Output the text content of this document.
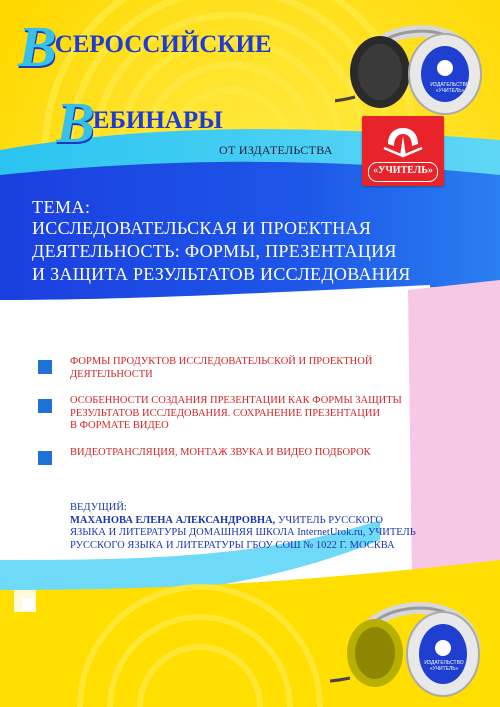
ВСЕРОССИЙСКИЕ
ВЕБИНАРЫ
ИЗДАТЕЛЬСТВО «УЧИТЕЛЬ»
ОТ ИЗДАТЕЛЬСТВА
«УЧИТЕЛЬ»
ТЕМА:
ИССЛЕДОВАТЕЛЬСКАЯ И ПРОЕКТНАЯ
ДЕЯТЕЛЬНОСТЬ: ФОРМЫ, ПРЕЗЕНТАЦИЯ
И ЗАЩИТА РЕЗУЛЬТАТОВ ИССЛЕДОВАНИЯ
ФОРМЫ ПРОДУКТОВ ИССЛЕДОВАТЕЛЬСКОЙ И ПРОЕКТНОЙ
ДЕЯТЕЛЬНОСТИ
ОСОБЕННОСТИ СОЗДАНИЯ ПРЕЗЕНТАЦИИ КАК ФОРМЫ ЗАЩИТЫ
РЕЗУЛЬТАТОВ ИССЛЕДОВАНИЯ. СОХРАНЕНИЕ ПРЕЗЕНТАЦИИ
В ФОРМАТЕ ВИДЕО
ВИДЕОТРАНСЛЯЦИЯ, МОНТАЖ ЗВУКА И ВИДЕО ПОДБОРОК
ВЕДУЩИЙ:
МАХАНОВА ЕЛЕНА АЛЕКСАНДРОВНА, УЧИТЕЛЬ РУССКОГО
ЯЗЫКА И ЛИТЕРАТУРЫ ДОМАШНЯЯ ШКОЛА InternetUrok.ru, УЧИТЕЛЬ
РУССКОГО ЯЗЫКА И ЛИТЕРАТУРЫ ГБОУ СОШ № 1022 Г. МОСКВА
ИЗДАТЕЛЬСТВО «УЧИТЕЛЬ»
